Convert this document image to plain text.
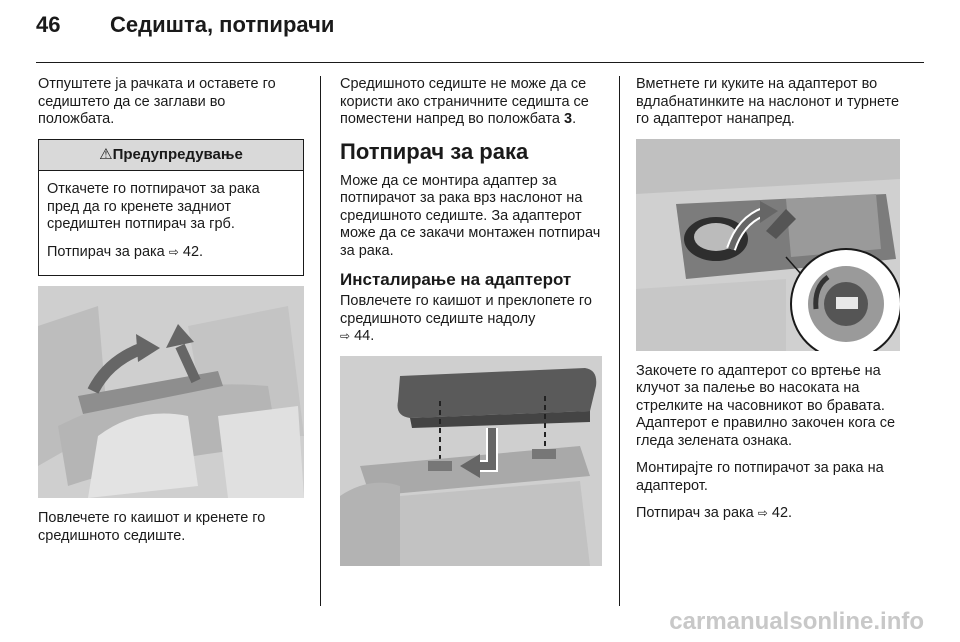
46 Седишта, потпирачи

Отпуштете ја рачката и оставете го седиштето да се заглави во положбата.

⚠Предупредување

Откачете го потпирачот за рака пред да го кренете задниот средиштен потпирач за грб.

Потпирач за рака ⇨ 42.

Повлечете го каишот и кренете го средишното седиште.

Средишното седиште не може да се користи ако страничните седишта се поместени напред во положбата 3.

Потпирач за рака

Може да се монтира адаптер за потпирачот за рака врз наслонот на средишното седиште. За адаптерот може да се закачи монтажен потпирач за рака.

Инсталирање на адаптерот

Повлечете го каишот и преклопете го средишното седиште надолу
⇨ 44.

Вметнете ги куките на адаптерот во вдлабнатинките на наслонот и турнете го адаптерот нанапред.

Закочете го адаптерот со вртење на клучот за палење во насоката на стрелките на часовникот во бравата. Адаптерот е правилно закочен кога се гледа зелената ознака.

Монтирајте го потпирачот за рака на адаптерот.

Потпирач за рака ⇨ 42.

carmanualsonline.info
